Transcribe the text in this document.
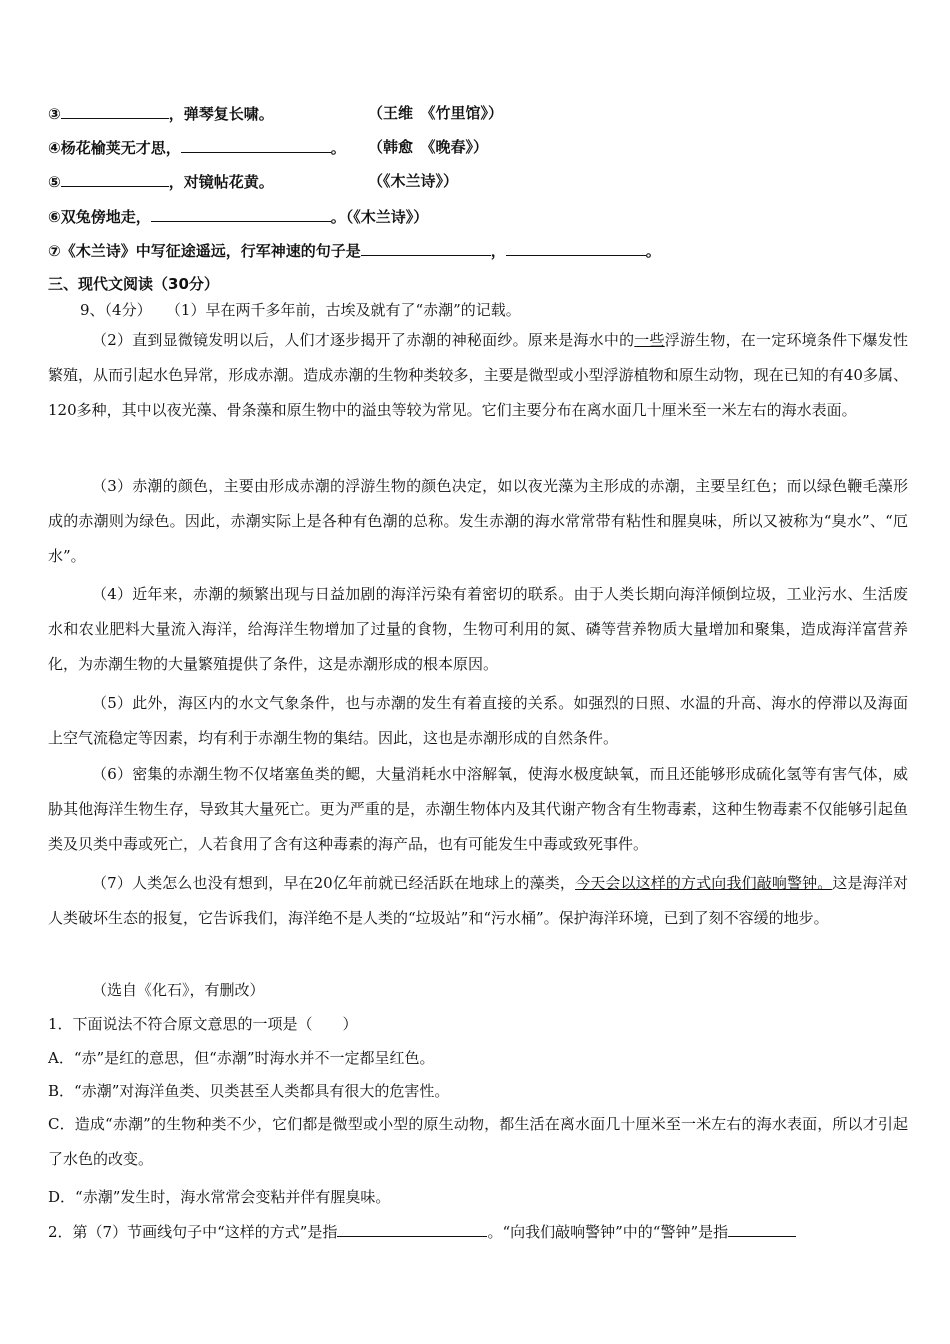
③	，弹琴复长啸。	（王维　《竹里馆》）
④杨花榆荚无才思，	。 （韩愈　《晚春》）
⑤	，对镜帖花黄。	（《木兰诗》）
⑥双兔傍地走，	。（《木兰诗》）
⑦《木兰诗》中写征途遥远，行军神速的句子是	，	。
三、现代文阅读（30分）
9、（4分） （1）早在两千多年前，古埃及就有了“赤潮”的记载。
（2）直到显微镜发明以后，人们才逐步揭开了赤潮的神秘面纱。原来是海水中的一些浮游生物，在一定环境条件下爆发性繁殖，从而引起水色异常，形成赤潮。造成赤潮的生物种类较多，主要是微型或小型浮游植物和原生动物，现在已知的有40多属、120多种，其中以夜光藻、骨条藻和原生物中的溢虫等较为常见。它们主要分布在离水面几十厘米至一米左右的海水表面。
（3）赤潮的颜色，主要由形成赤潮的浮游生物的颜色决定，如以夜光藻为主形成的赤潮，主要呈红色；而以绿色鞭毛藻形成的赤潮则为绿色。因此，赤潮实际上是各种有色潮的总称。发生赤潮的海水常常带有粘性和腥臭味，所以又被称为“臭水”、“厄水”。
（4）近年来，赤潮的频繁出现与日益加剧的海洋污染有着密切的联系。由于人类长期向海洋倾倒垃圾，工业污水、生活废水和农业肥料大量流入海洋，给海洋生物增加了过量的食物，生物可利用的氮、磷等营养物质大量增加和聚集，造成海洋富营养化，为赤潮生物的大量繁殖提供了条件，这是赤潮形成的根本原因。
（5）此外，海区内的水文气象条件，也与赤潮的发生有着直接的关系。如强烈的日照、水温的升高、海水的停滞以及海面上空气流稳定等因素，均有利于赤潮生物的集结。因此，这也是赤潮形成的自然条件。
（6）密集的赤潮生物不仅堵塞鱼类的鳃，大量消耗水中溶解氧，使海水极度缺氧，而且还能够形成硫化氢等有害气体，威胁其他海洋生物生存，导致其大量死亡。更为严重的是，赤潮生物体内及其代谢产物含有生物毒素，这种生物毒素不仅能够引起鱼类及贝类中毒或死亡，人若食用了含有这种毒素的海产品，也有可能发生中毒或致死事件。
（7）人类怎么也没有想到，早在20亿年前就已经活跃在地球上的藻类，今天会以这样的方式向我们敲响警钟。这是海洋对人类破坏生态的报复，它告诉我们，海洋绝不是人类的“垃圾站”和“污水桶”。保护海洋环境，已到了刻不容缓的地步。
（选自《化石》，有删改）
1．下面说法不符合原文意思的一项是（　　）
A．“赤”是红的意思，但“赤潮”时海水并不一定都呈红色。
B．“赤潮”对海洋鱼类、贝类甚至人类都具有很大的危害性。
C．造成“赤潮”的生物种类不少，它们都是微型或小型的原生动物，都生活在离水面几十厘米至一米左右的海水表面，所以才引起了水色的改变。
D．“赤潮”发生时，海水常常会变粘并伴有腥臭味。
2．第（7）节画线句子中“这样的方式”是指	。“向我们敲响警钟”中的“警钟”是指
